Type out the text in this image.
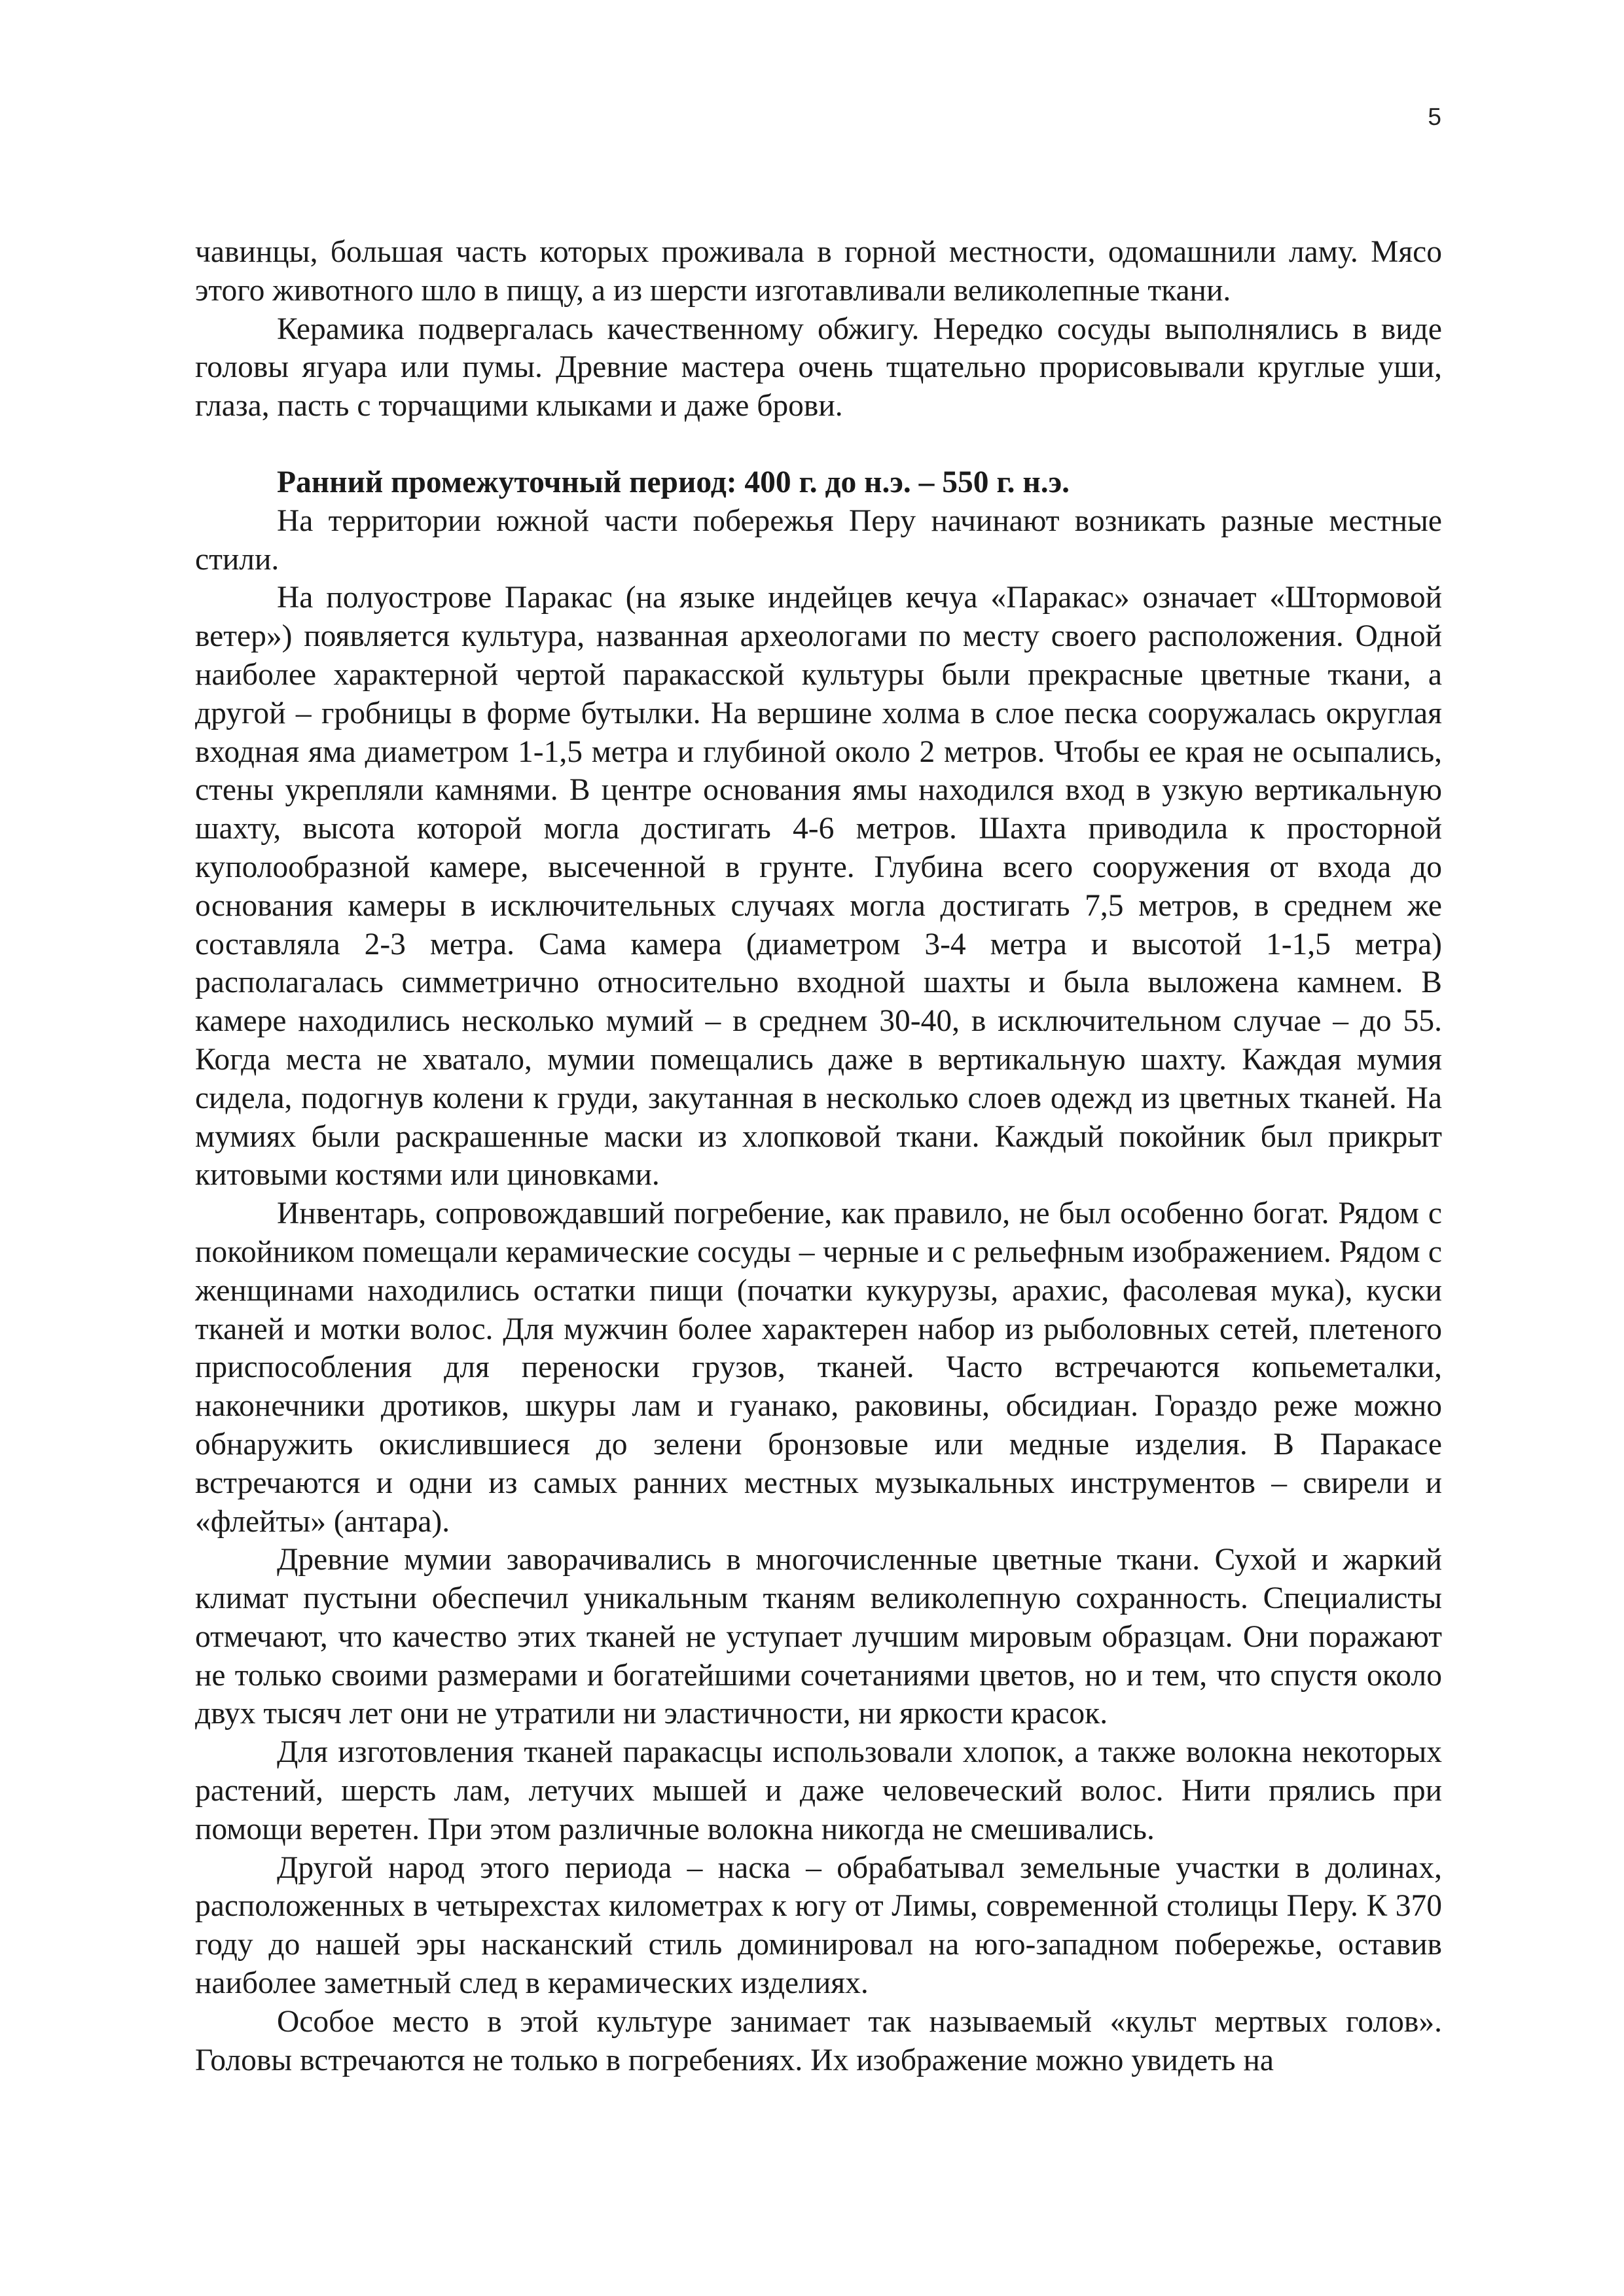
5

чавинцы, большая часть которых проживала в горной местности, одомашнили ламу. Мясо этого животного шло в пищу, а из шерсти изготавливали великолепные ткани.

Керамика подвергалась качественному обжигу. Нередко сосуды выполнялись в виде головы ягуара или пумы. Древние мастера очень тщательно прорисовывали круглые уши, глаза, пасть с торчащими клыками и даже брови.

Ранний промежуточный период: 400 г. до н.э. – 550 г. н.э.

На территории южной части побережья Перу начинают возникать разные местные стили.

На полуострове Паракас (на языке индейцев кечуа «Паракас» означает «Штормовой ветер») появляется культура, названная археологами по месту своего расположения. Одной наиболее характерной чертой паракасской культуры были прекрасные цветные ткани, а другой – гробницы в форме бутылки. На вершине холма в слое песка сооружалась округлая входная яма диаметром 1-1,5 метра и глубиной около 2 метров. Чтобы ее края не осыпались, стены укрепляли камнями. В центре основания ямы находился вход в узкую вертикальную шахту, высота которой могла достигать 4-6 метров. Шахта приводила к просторной куполообразной камере, высеченной в грунте. Глубина всего сооружения от входа до основания камеры в исключительных случаях могла достигать 7,5 метров, в среднем же составляла 2-3 метра. Сама камера (диаметром 3-4 метра и высотой 1-1,5 метра) располагалась симметрично относительно входной шахты и была выложена камнем. В камере находились несколько мумий – в среднем 30-40, в исключительном случае – до 55. Когда места не хватало, мумии помещались даже в вертикальную шахту. Каждая мумия сидела, подогнув колени к груди, закутанная в несколько слоев одежд из цветных тканей. На мумиях были раскрашенные маски из хлопковой ткани. Каждый покойник был прикрыт китовыми костями или циновками.

Инвентарь, сопровождавший погребение, как правило, не был особенно богат. Рядом с покойником помещали керамические сосуды – черные и с рельефным изображением. Рядом с женщинами находились остатки пищи (початки кукурузы, арахис, фасолевая мука), куски тканей и мотки волос. Для мужчин более характерен набор из рыболовных сетей, плетеного приспособления для переноски грузов, тканей. Часто встречаются копьеметалки, наконечники дротиков, шкуры лам и гуанако, раковины, обсидиан. Гораздо реже можно обнаружить окислившиеся до зелени бронзовые или медные изделия. В Паракасе встречаются и одни из самых ранних местных музыкальных инструментов – свирели и «флейты» (антара).

Древние мумии заворачивались в многочисленные цветные ткани. Сухой и жаркий климат пустыни обеспечил уникальным тканям великолепную сохранность. Специалисты отмечают, что качество этих тканей не уступает лучшим мировым образцам. Они поражают не только своими размерами и богатейшими сочетаниями цветов, но и тем, что спустя около двух тысяч лет они не утратили ни эластичности, ни яркости красок.

Для изготовления тканей паракасцы использовали хлопок, а также волокна некоторых растений, шерсть лам, летучих мышей и даже человеческий волос. Нити прялись при помощи веретен. При этом различные волокна никогда не смешивались.

Другой народ этого периода – наска – обрабатывал земельные участки в долинах, расположенных в четырехстах километрах к югу от Лимы, современной столицы Перу. К 370 году до нашей эры насканский стиль доминировал на юго-западном побережье, оставив наиболее заметный след в керамических изделиях.

Особое место в этой культуре занимает так называемый «культ мертвых голов». Головы встречаются не только в погребениях. Их изображение можно увидеть на
